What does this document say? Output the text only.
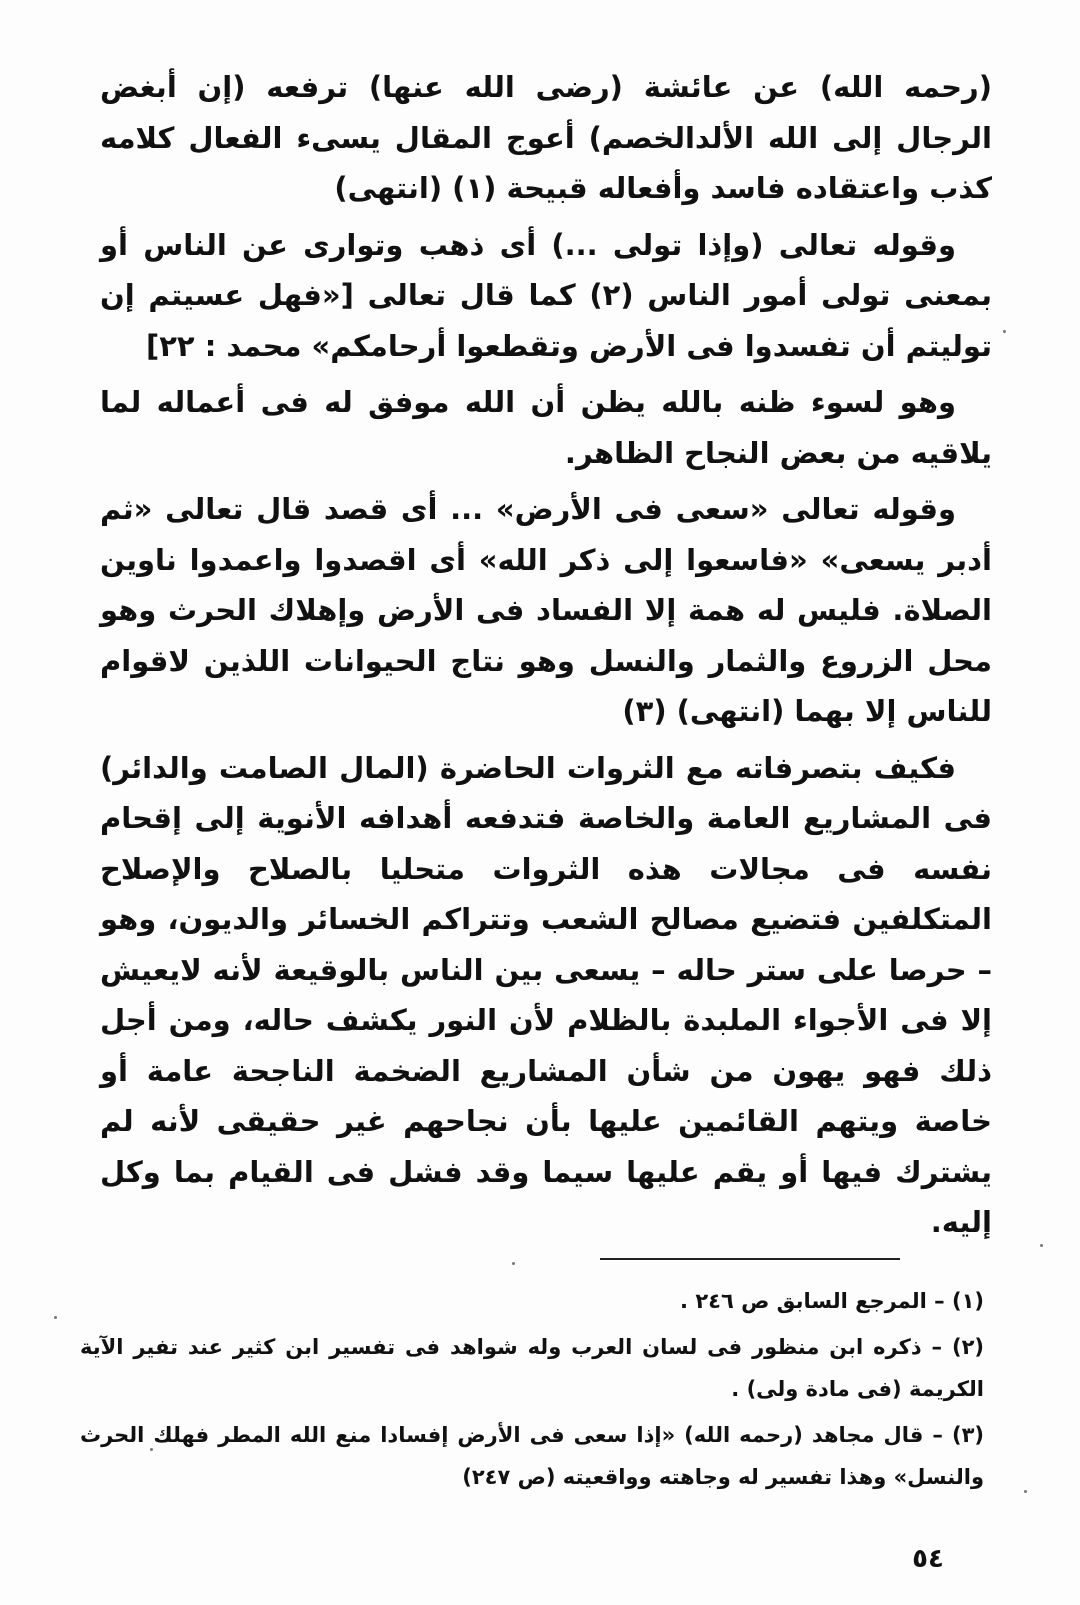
(رحمه الله) عن عائشة (رضى الله عنها) ترفعه (إن أبغض الرجال إلى الله الألدالخصم) أعوج المقال يسىء الفعال كلامه كذب واعتقاده فاسد وأفعاله قبيحة (١) (انتهى)

وقوله تعالى (وإذا تولى ...) أى ذهب وتوارى عن الناس أو بمعنى تولى أمور الناس (٢) كما قال تعالى [«فهل عسيتم إن توليتم أن تفسدوا فى الأرض وتقطعوا أرحامكم» محمد : ٢٢]

وهو لسوء ظنه بالله يظن أن الله موفق له فى أعماله لما يلاقيه من بعض النجاح الظاهر.

وقوله تعالى «سعى فى الأرض» ... أى قصد قال تعالى «ثم أدبر يسعى» «فاسعوا إلى ذكر الله» أى اقصدوا واعمدوا ناوين الصلاة. فليس له همة إلا الفساد فى الأرض وإهلاك الحرث وهو محل الزروع والثمار والنسل وهو نتاج الحيوانات اللذين لاقوام للناس إلا بهما (انتهى) (٣)

فكيف بتصرفاته مع الثروات الحاضرة (المال الصامت والدائر) فى المشاريع العامة والخاصة فتدفعه أهدافه الأنوية إلى إقحام نفسه فى مجالات هذه الثروات متحليا بالصلاح والإصلاح المتكلفين فتضيع مصالح الشعب وتتراكم الخسائر والديون، وهو – حرصا على ستر حاله – يسعى بين الناس بالوقيعة لأنه لايعيش إلا فى الأجواء الملبدة بالظلام لأن النور يكشف حاله، ومن أجل ذلك فهو يهون من شأن المشاريع الضخمة الناجحة عامة أو خاصة ويتهم القائمين عليها بأن نجاحهم غير حقيقى لأنه لم يشترك فيها أو يقم عليها سيما وقد فشل فى القيام بما وكل إليه.

(١) – المرجع السابق ص ٢٤٦ .

(٢) – ذكره ابن منظور فى لسان العرب وله شواهد فى تفسير ابن كثير عند تفير الآية الكريمة (فى مادة ولى) .

(٣) – قال مجاهد (رحمه الله) «إذا سعى فى الأرض إفسادا منع الله المطر فهلك الحرث والنسل» وهذا تفسير له وجاهته وواقعيته (ص ٢٤٧)

٥٤
